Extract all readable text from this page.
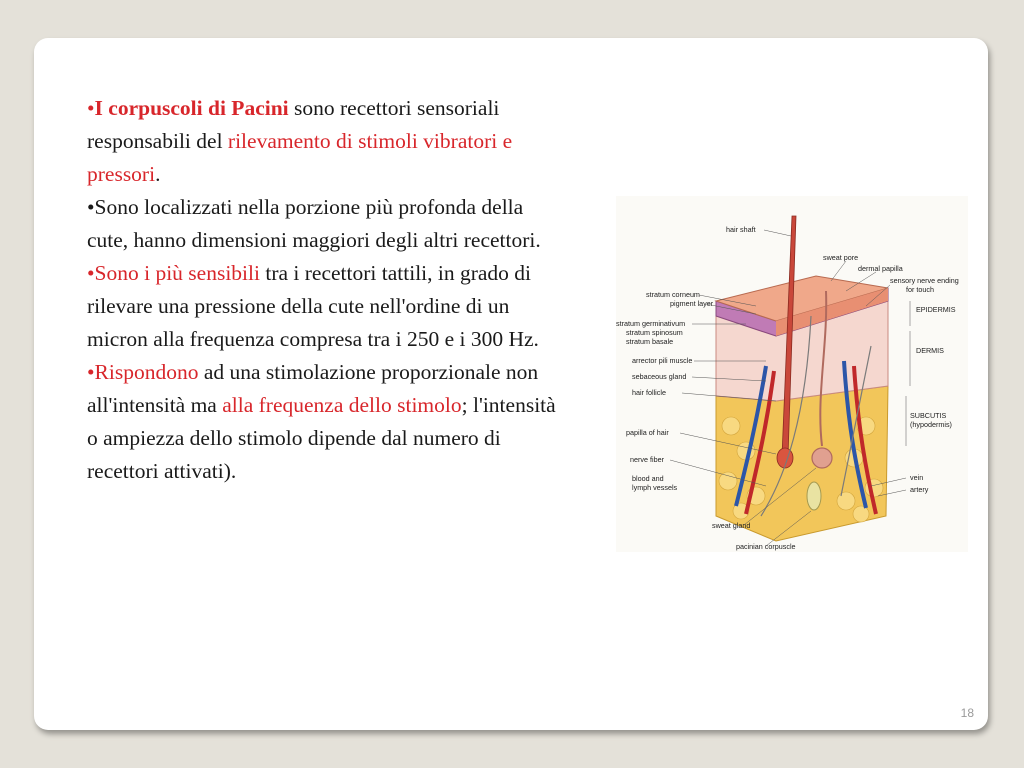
•I corpuscoli di Pacini sono recettori sensoriali responsabili del rilevamento di stimoli vibratori e pressori.

•Sono localizzati nella porzione più profonda della cute, hanno dimensioni maggiori degli altri recettori.

•Sono i più sensibili tra i recettori tattili, in grado di rilevare una pressione della cute nell'ordine di un micron alla frequenza compresa tra i 250 e i 300 Hz.

•Rispondono ad una stimolazione proporzionale non all'intensità ma alla frequenza dello stimolo; l'intensità o ampiezza dello stimolo dipende dal numero di recettori attivati).

hair shaft
stratum corneum
pigment layer
stratum germinativum
stratum spinosum
stratum basale
arrector pili muscle
sebaceous gland
hair follicle
papilla of hair
nerve fiber
blood and
lymph vessels
sweat gland
pacinian corpuscle
sweat pore
dermal papilla
sensory nerve ending
for touch
EPIDERMIS
DERMIS
SUBCUTIS
(hypodermis)
vein
artery
18
